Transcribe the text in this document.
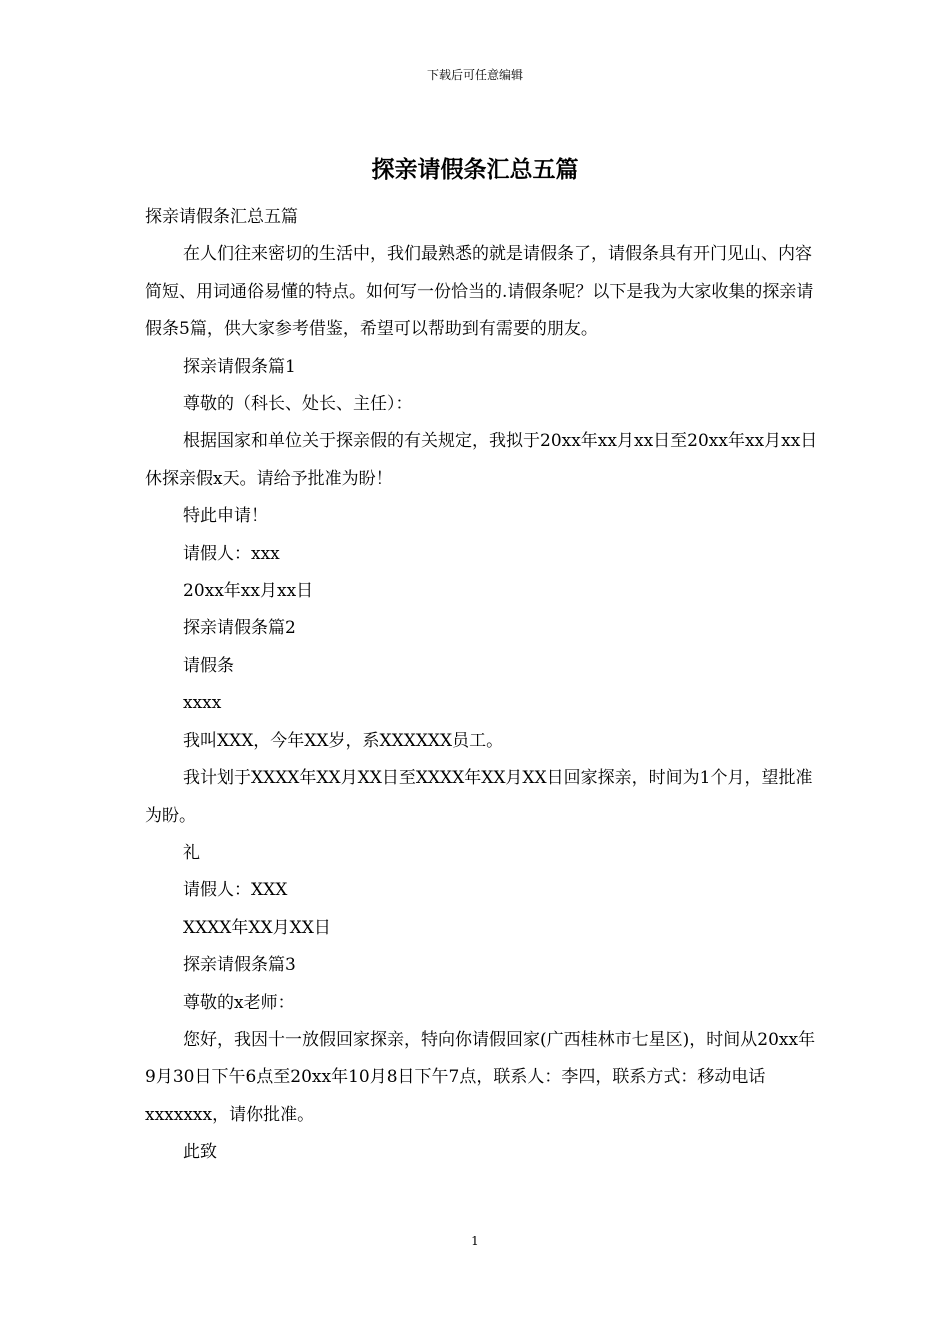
下载后可任意编辑
探亲请假条汇总五篇

探亲请假条汇总五篇

在人们往来密切的生活中，我们最熟悉的就是请假条了，请假条具有开门见山、内容简短、用词通俗易懂的特点。如何写一份恰当的.请假条呢？以下是我为大家收集的探亲请假条5篇，供大家参考借鉴，希望可以帮助到有需要的朋友。

探亲请假条篇1

尊敬的（科长、处长、主任）：

根据国家和单位关于探亲假的有关规定，我拟于20xx年xx月xx日至20xx年xx月xx日休探亲假x天。请给予批准为盼！

特此申请！

请假人：xxx

20xx年xx月xx日

探亲请假条篇2

请假条

xxxx

我叫XXX，今年XX岁，系XXXXXX员工。

我计划于XXXX年XX月XX日至XXXX年XX月XX日回家探亲，时间为1个月，望批准为盼。

礼

请假人：XXX

XXXX年XX月XX日

探亲请假条篇3

尊敬的x老师：

您好，我因十一放假回家探亲，特向你请假回家(广西桂林市七星区)，时间从20xx年9月30日下午6点至20xx年10月8日下午7点，联系人：李四，联系方式：移动电话xxxxxxx，请你批准。

此致

1
